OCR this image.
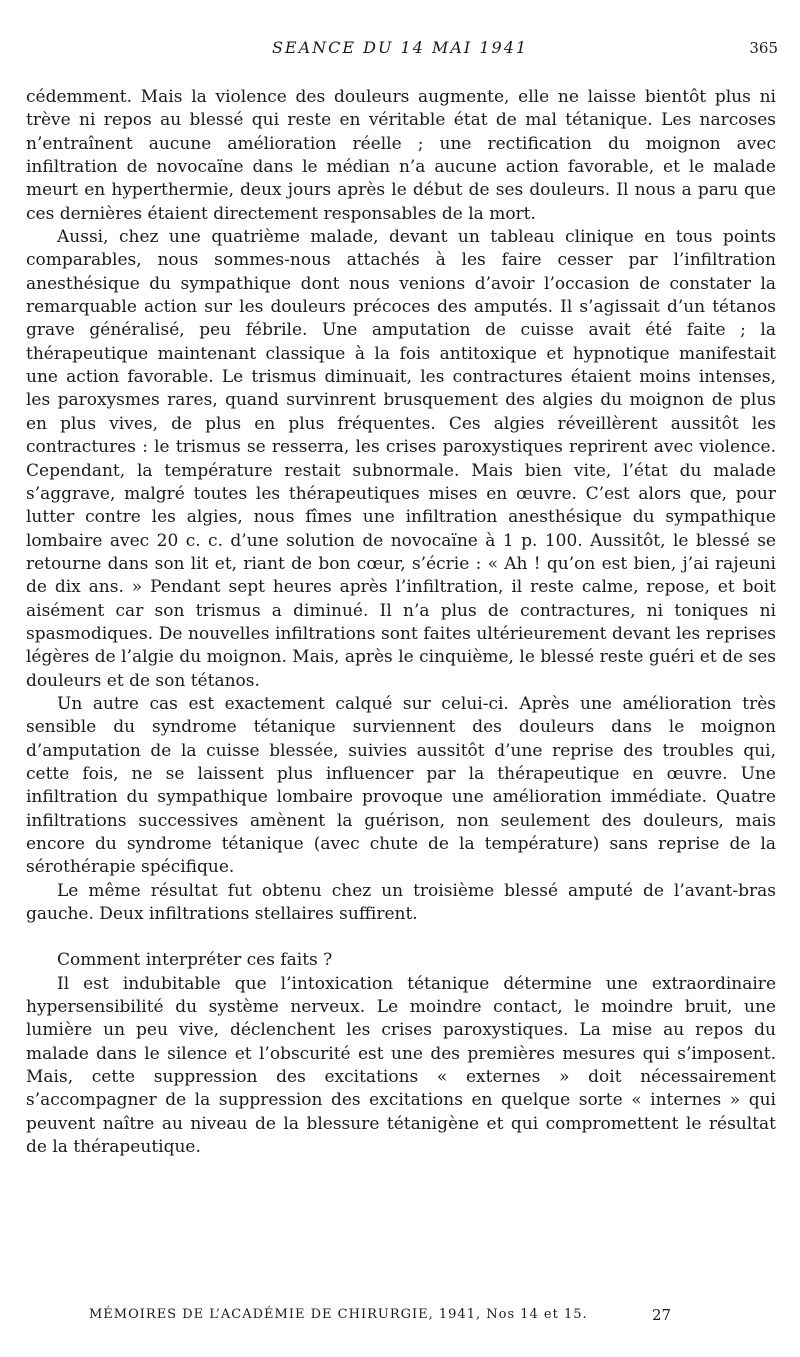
SEANCE DU 14 MAI 1941	365

cédemment. Mais la violence des douleurs augmente, elle ne laisse bientôt plus ni trève ni repos au blessé qui reste en véritable état de mal tétanique. Les narcoses n’entraînent aucune amélioration réelle ; une rectification du moignon avec infiltration de novocaïne dans le médian n’a aucune action favorable, et le malade meurt en hyperthermie, deux jours après le début de ses douleurs. Il nous a paru que ces dernières étaient directement responsables de la mort.

Aussi, chez une quatrième malade, devant un tableau clinique en tous points comparables, nous sommes-nous attachés à les faire cesser par l’infiltration anesthésique du sympathique dont nous venions d’avoir l’occasion de constater la remarquable action sur les douleurs précoces des amputés. Il s’agissait d’un tétanos grave généralisé, peu fébrile. Une amputation de cuisse avait été faite ; la thérapeutique maintenant classique à la fois antitoxique et hypnotique manifestait une action favorable. Le trismus diminuait, les contractures étaient moins intenses, les paroxysmes rares, quand survinrent brusquement des algies du moignon de plus en plus vives, de plus en plus fréquentes. Ces algies réveillèrent aussitôt les contractures : le trismus se resserra, les crises paroxystiques reprirent avec violence. Cependant, la température restait subnormale. Mais bien vite, l’état du malade s’aggrave, malgré toutes les thérapeutiques mises en œuvre. C’est alors que, pour lutter contre les algies, nous fîmes une infiltration anesthésique du sympathique lombaire avec 20 c. c. d’une solution de novocaïne à 1 p. 100. Aussitôt, le blessé se retourne dans son lit et, riant de bon cœur, s’écrie : « Ah ! qu’on est bien, j’ai rajeuni de dix ans. » Pendant sept heures après l’infiltration, il reste calme, repose, et boit aisément car son trismus a diminué. Il n’a plus de contractures, ni toniques ni spasmodiques. De nouvelles infiltrations sont faites ultérieurement devant les reprises légères de l’algie du moignon. Mais, après le cinquième, le blessé reste guéri et de ses douleurs et de son tétanos.

Un autre cas est exactement calqué sur celui-ci. Après une amélioration très sensible du syndrome tétanique surviennent des douleurs dans le moignon d’amputation de la cuisse blessée, suivies aussitôt d’une reprise des troubles qui, cette fois, ne se laissent plus influencer par la thérapeutique en œuvre. Une infiltration du sympathique lombaire provoque une amélioration immédiate. Quatre infiltrations successives amènent la guérison, non seulement des douleurs, mais encore du syndrome tétanique (avec chute de la température) sans reprise de la sérothérapie spécifique.

Le même résultat fut obtenu chez un troisième blessé amputé de l’avant-bras gauche. Deux infiltrations stellaires suffirent.

Comment interpréter ces faits ?

Il est indubitable que l’intoxication tétanique détermine une extraordinaire hypersensibilité du système nerveux. Le moindre contact, le moindre bruit, une lumière un peu vive, déclenchent les crises paroxystiques. La mise au repos du malade dans le silence et l’obscurité est une des premières mesures qui s’imposent. Mais, cette suppression des excitations « externes » doit nécessairement s’accompagner de la suppression des excitations en quelque sorte « internes » qui peuvent naître au niveau de la blessure tétanigène et qui compromettent le résultat de la thérapeutique.

MÉMOIRES DE L’ACADÉMIE DE CHIRURGIE, 1941, Nos 14 et 15.	27
